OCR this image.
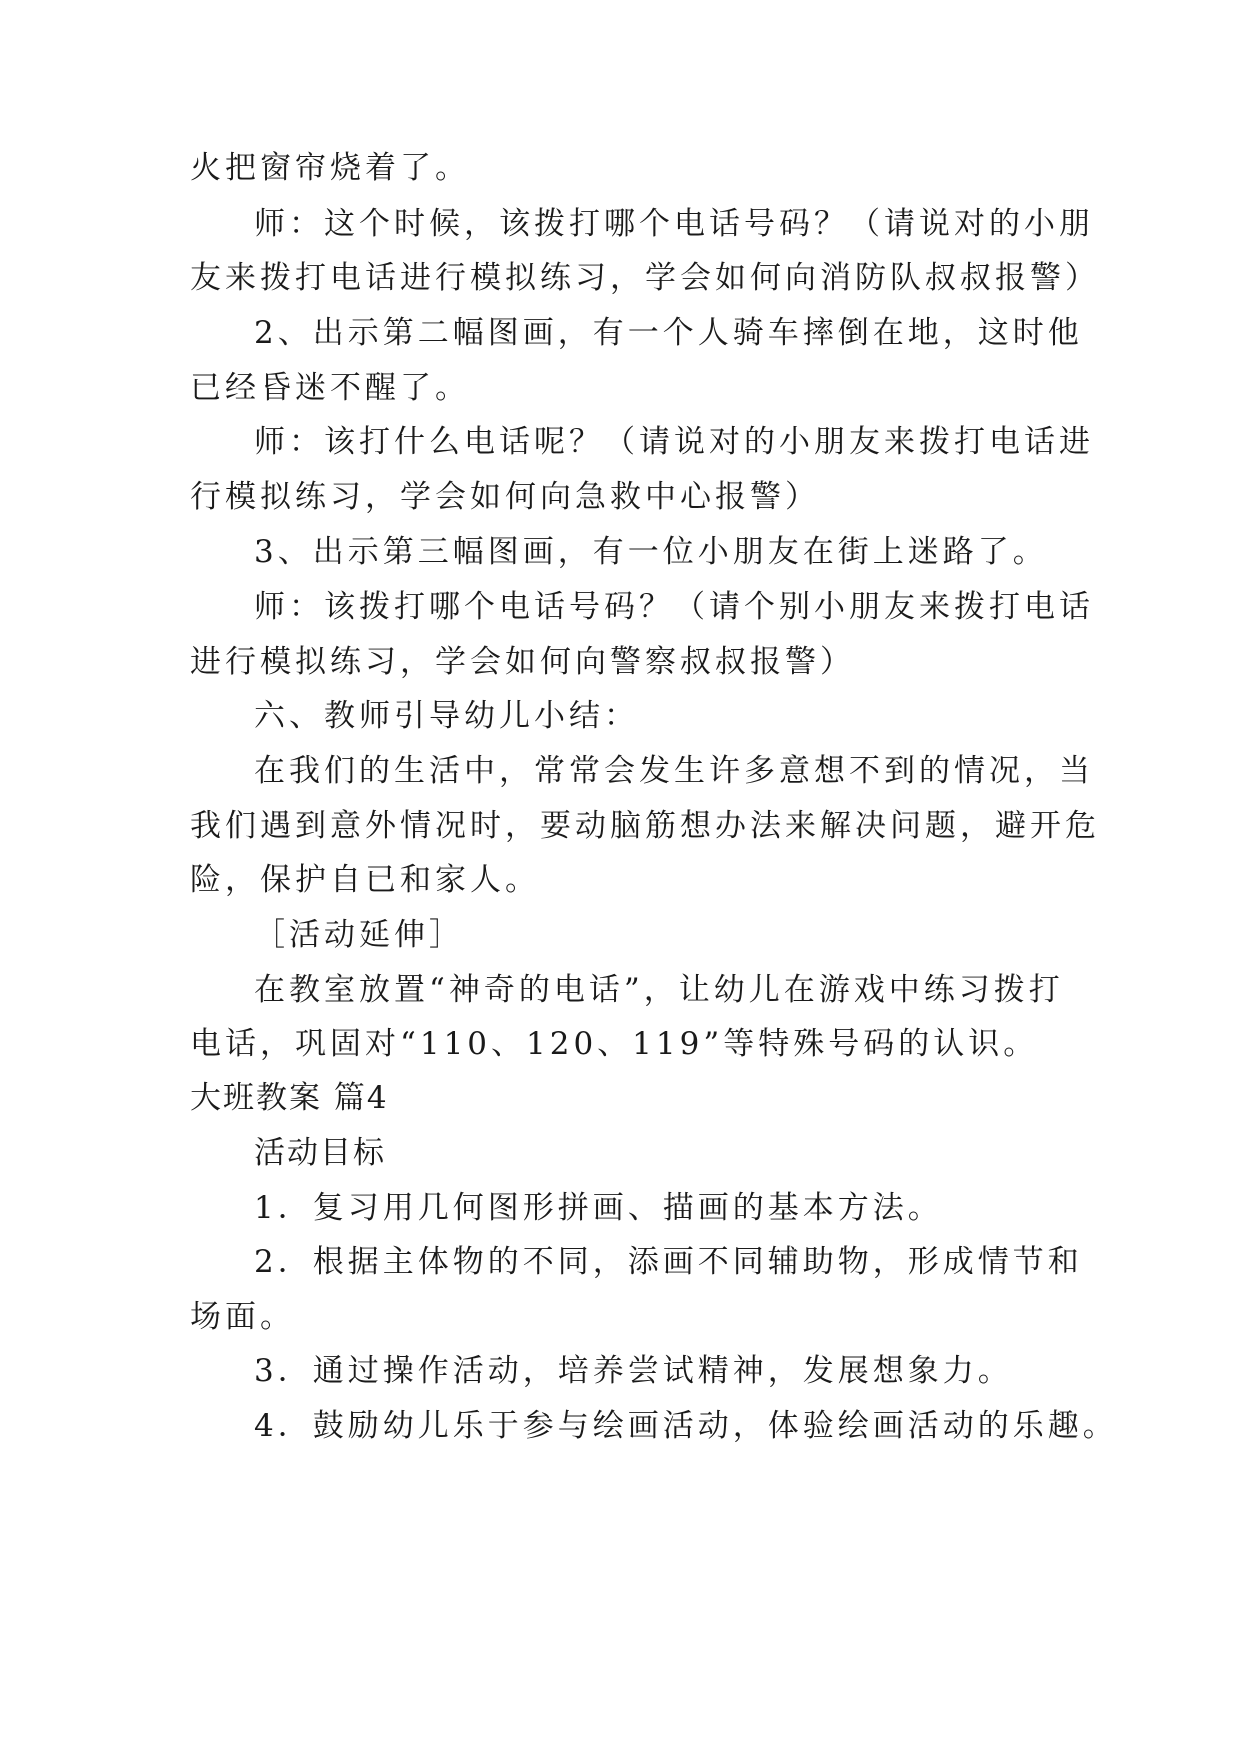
火把窗帘烧着了。
师：这个时候，该拨打哪个电话号码？（请说对的小朋
友来拨打电话进行模拟练习，学会如何向消防队叔叔报警）
2、出示第二幅图画，有一个人骑车摔倒在地，这时他
已经昏迷不醒了。
师：该打什么电话呢？（请说对的小朋友来拨打电话进
行模拟练习，学会如何向急救中心报警）
3、出示第三幅图画，有一位小朋友在街上迷路了。
师：该拨打哪个电话号码？（请个别小朋友来拨打电话
进行模拟练习，学会如何向警察叔叔报警）
六、教师引导幼儿小结：
在我们的生活中，常常会发生许多意想不到的情况，当
我们遇到意外情况时，要动脑筋想办法来解决问题，避开危
险，保护自已和家人。
［活动延伸］
在教室放置“神奇的电话”，让幼儿在游戏中练习拨打
电话，巩固对“110、120、119”等特殊号码的认识。
大班教案 篇4
活动目标
1．复习用几何图形拼画、描画的基本方法。
2．根据主体物的不同，添画不同辅助物，形成情节和
场面。
3．通过操作活动，培养尝试精神，发展想象力。
4．鼓励幼儿乐于参与绘画活动，体验绘画活动的乐趣。
